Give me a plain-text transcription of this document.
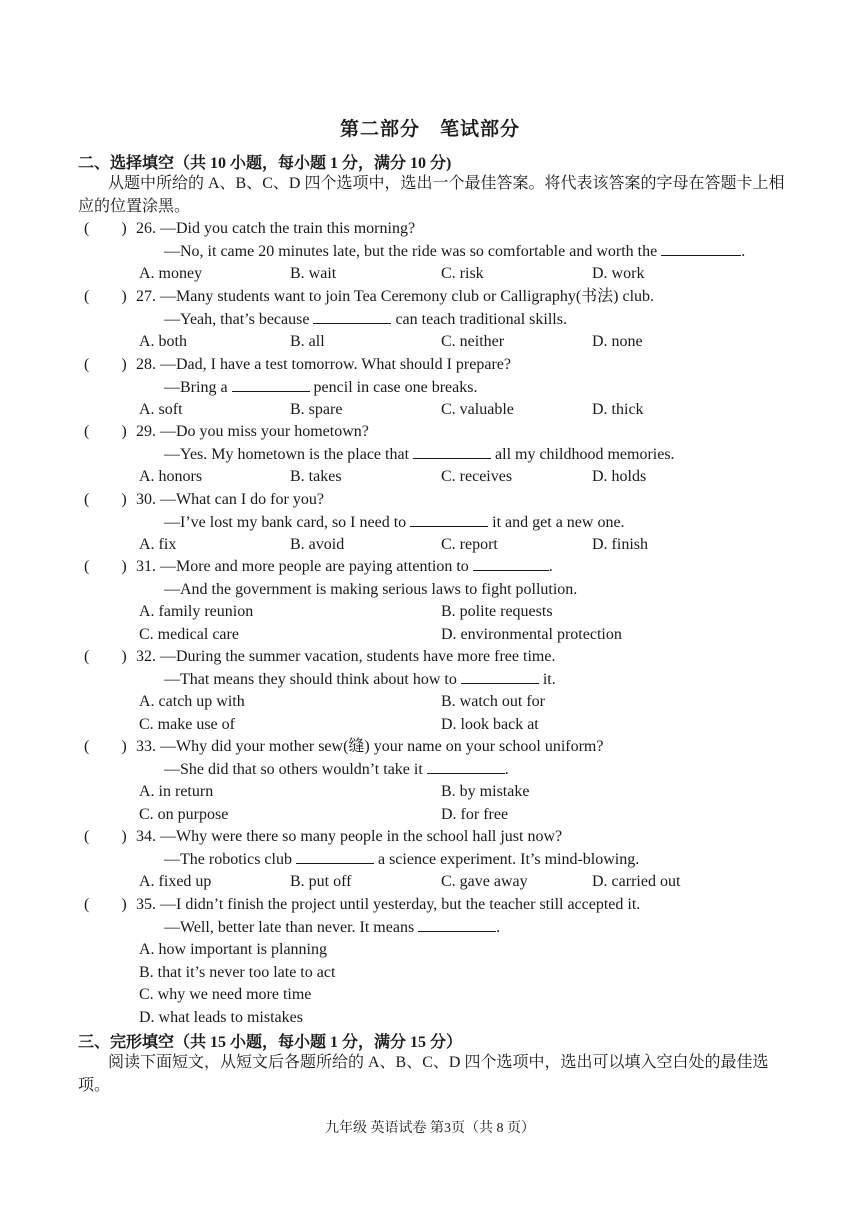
第二部分　笔试部分
二、选择填空（共 10 小题，每小题 1 分，满分 10 分)
从题中所给的 A、B、C、D 四个选项中，选出一个最佳答案。将代表该答案的字母在答题卡上相应的位置涂黑。
(　　) 26. —Did you catch the train this morning?
—No, it came 20 minutes late, but the ride was so comfortable and worth the	.
A. money	B. wait	C. risk	D. work
(　　) 27. —Many students want to join Tea Ceremony club or Calligraphy(书法) club.
—Yeah, that’s because	can teach traditional skills.
A. both	B. all	C. neither	D. none
(　　) 28. —Dad, I have a test tomorrow. What should I prepare?
—Bring a	pencil in case one breaks.
A. soft	B. spare	C. valuable	D. thick
(　　) 29. —Do you miss your hometown?
—Yes. My hometown is the place that	all my childhood memories.
A. honors	B. takes	C. receives	D. holds
(　　) 30. —What can I do for you?
—I’ve lost my bank card, so I need to	it and get a new one.
A. fix	B. avoid	C. report	D. finish
(　　) 31. —More and more people are paying attention to	.
—And the government is making serious laws to fight pollution.
A. family reunion	B. polite requests
C. medical care	D. environmental protection
(　　) 32. —During the summer vacation, students have more free time.
—That means they should think about how to	it.
A. catch up with	B. watch out for
C. make use of	D. look back at
(　　) 33. —Why did your mother sew(缝) your name on your school uniform?
—She did that so others wouldn’t take it	.
A. in return	B. by mistake
C. on purpose	D. for free
(　　) 34. —Why were there so many people in the school hall just now?
—The robotics club	a science experiment. It’s mind-blowing.
A. fixed up	B. put off	C. gave away	D. carried out
(　　) 35. —I didn’t finish the project until yesterday, but the teacher still accepted it.
—Well, better late than never. It means	.
A. how important is planning
B. that it’s never too late to act
C. why we need more time
D. what leads to mistakes
三、完形填空（共 15 小题，每小题 1 分，满分 15 分）
阅读下面短文，从短文后各题所给的 A、B、C、D 四个选项中，选出可以填入空白处的最佳选项。
九年级 英语试卷 第3页（共 8 页）
